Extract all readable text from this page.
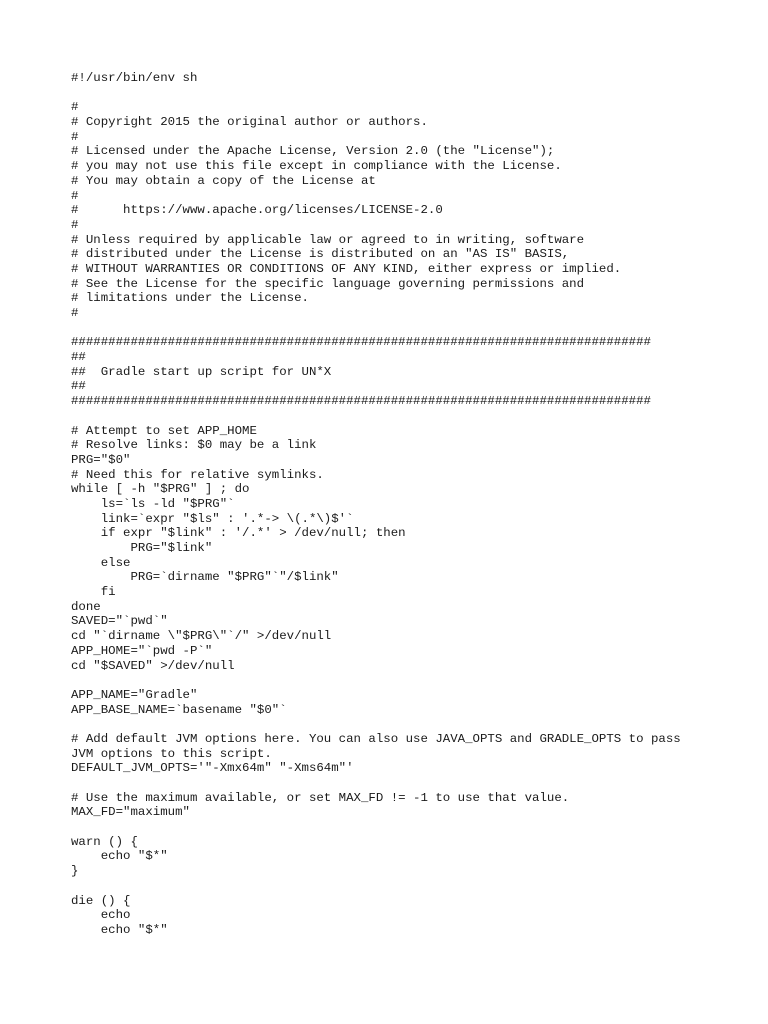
#!/usr/bin/env sh
#
# Copyright 2015 the original author or authors.
#
# Licensed under the Apache License, Version 2.0 (the "License");
# you may not use this file except in compliance with the License.
# You may obtain a copy of the License at
#
#      https://www.apache.org/licenses/LICENSE-2.0
#
# Unless required by applicable law or agreed to in writing, software
# distributed under the License is distributed on an "AS IS" BASIS,
# WITHOUT WARRANTIES OR CONDITIONS OF ANY KIND, either express or implied.
# See the License for the specific language governing permissions and
# limitations under the License.
#
##############################################################################
##
##  Gradle start up script for UN*X
##
##############################################################################
# Attempt to set APP_HOME
# Resolve links: $0 may be a link
PRG="$0"
# Need this for relative symlinks.
while [ -h "$PRG" ] ; do
ls=`ls -ld "$PRG"`
link=`expr "$ls" : '.*-> \(.*\)$'`
if expr "$link" : '/.*' > /dev/null; then
PRG="$link"
else
PRG=`dirname "$PRG"`"/$link"
fi
done
SAVED="`pwd`"
cd "`dirname \"$PRG\"`/" >/dev/null
APP_HOME="`pwd -P`"
cd "$SAVED" >/dev/null
APP_NAME="Gradle"
APP_BASE_NAME=`basename "$0"`
# Add default JVM options here. You can also use JAVA_OPTS and GRADLE_OPTS to pass
JVM options to this script.
DEFAULT_JVM_OPTS='"-Xmx64m" "-Xms64m"'
# Use the maximum available, or set MAX_FD != -1 to use that value.
MAX_FD="maximum"
warn () {
echo "$*"
}
die () {
echo
echo "$*"
